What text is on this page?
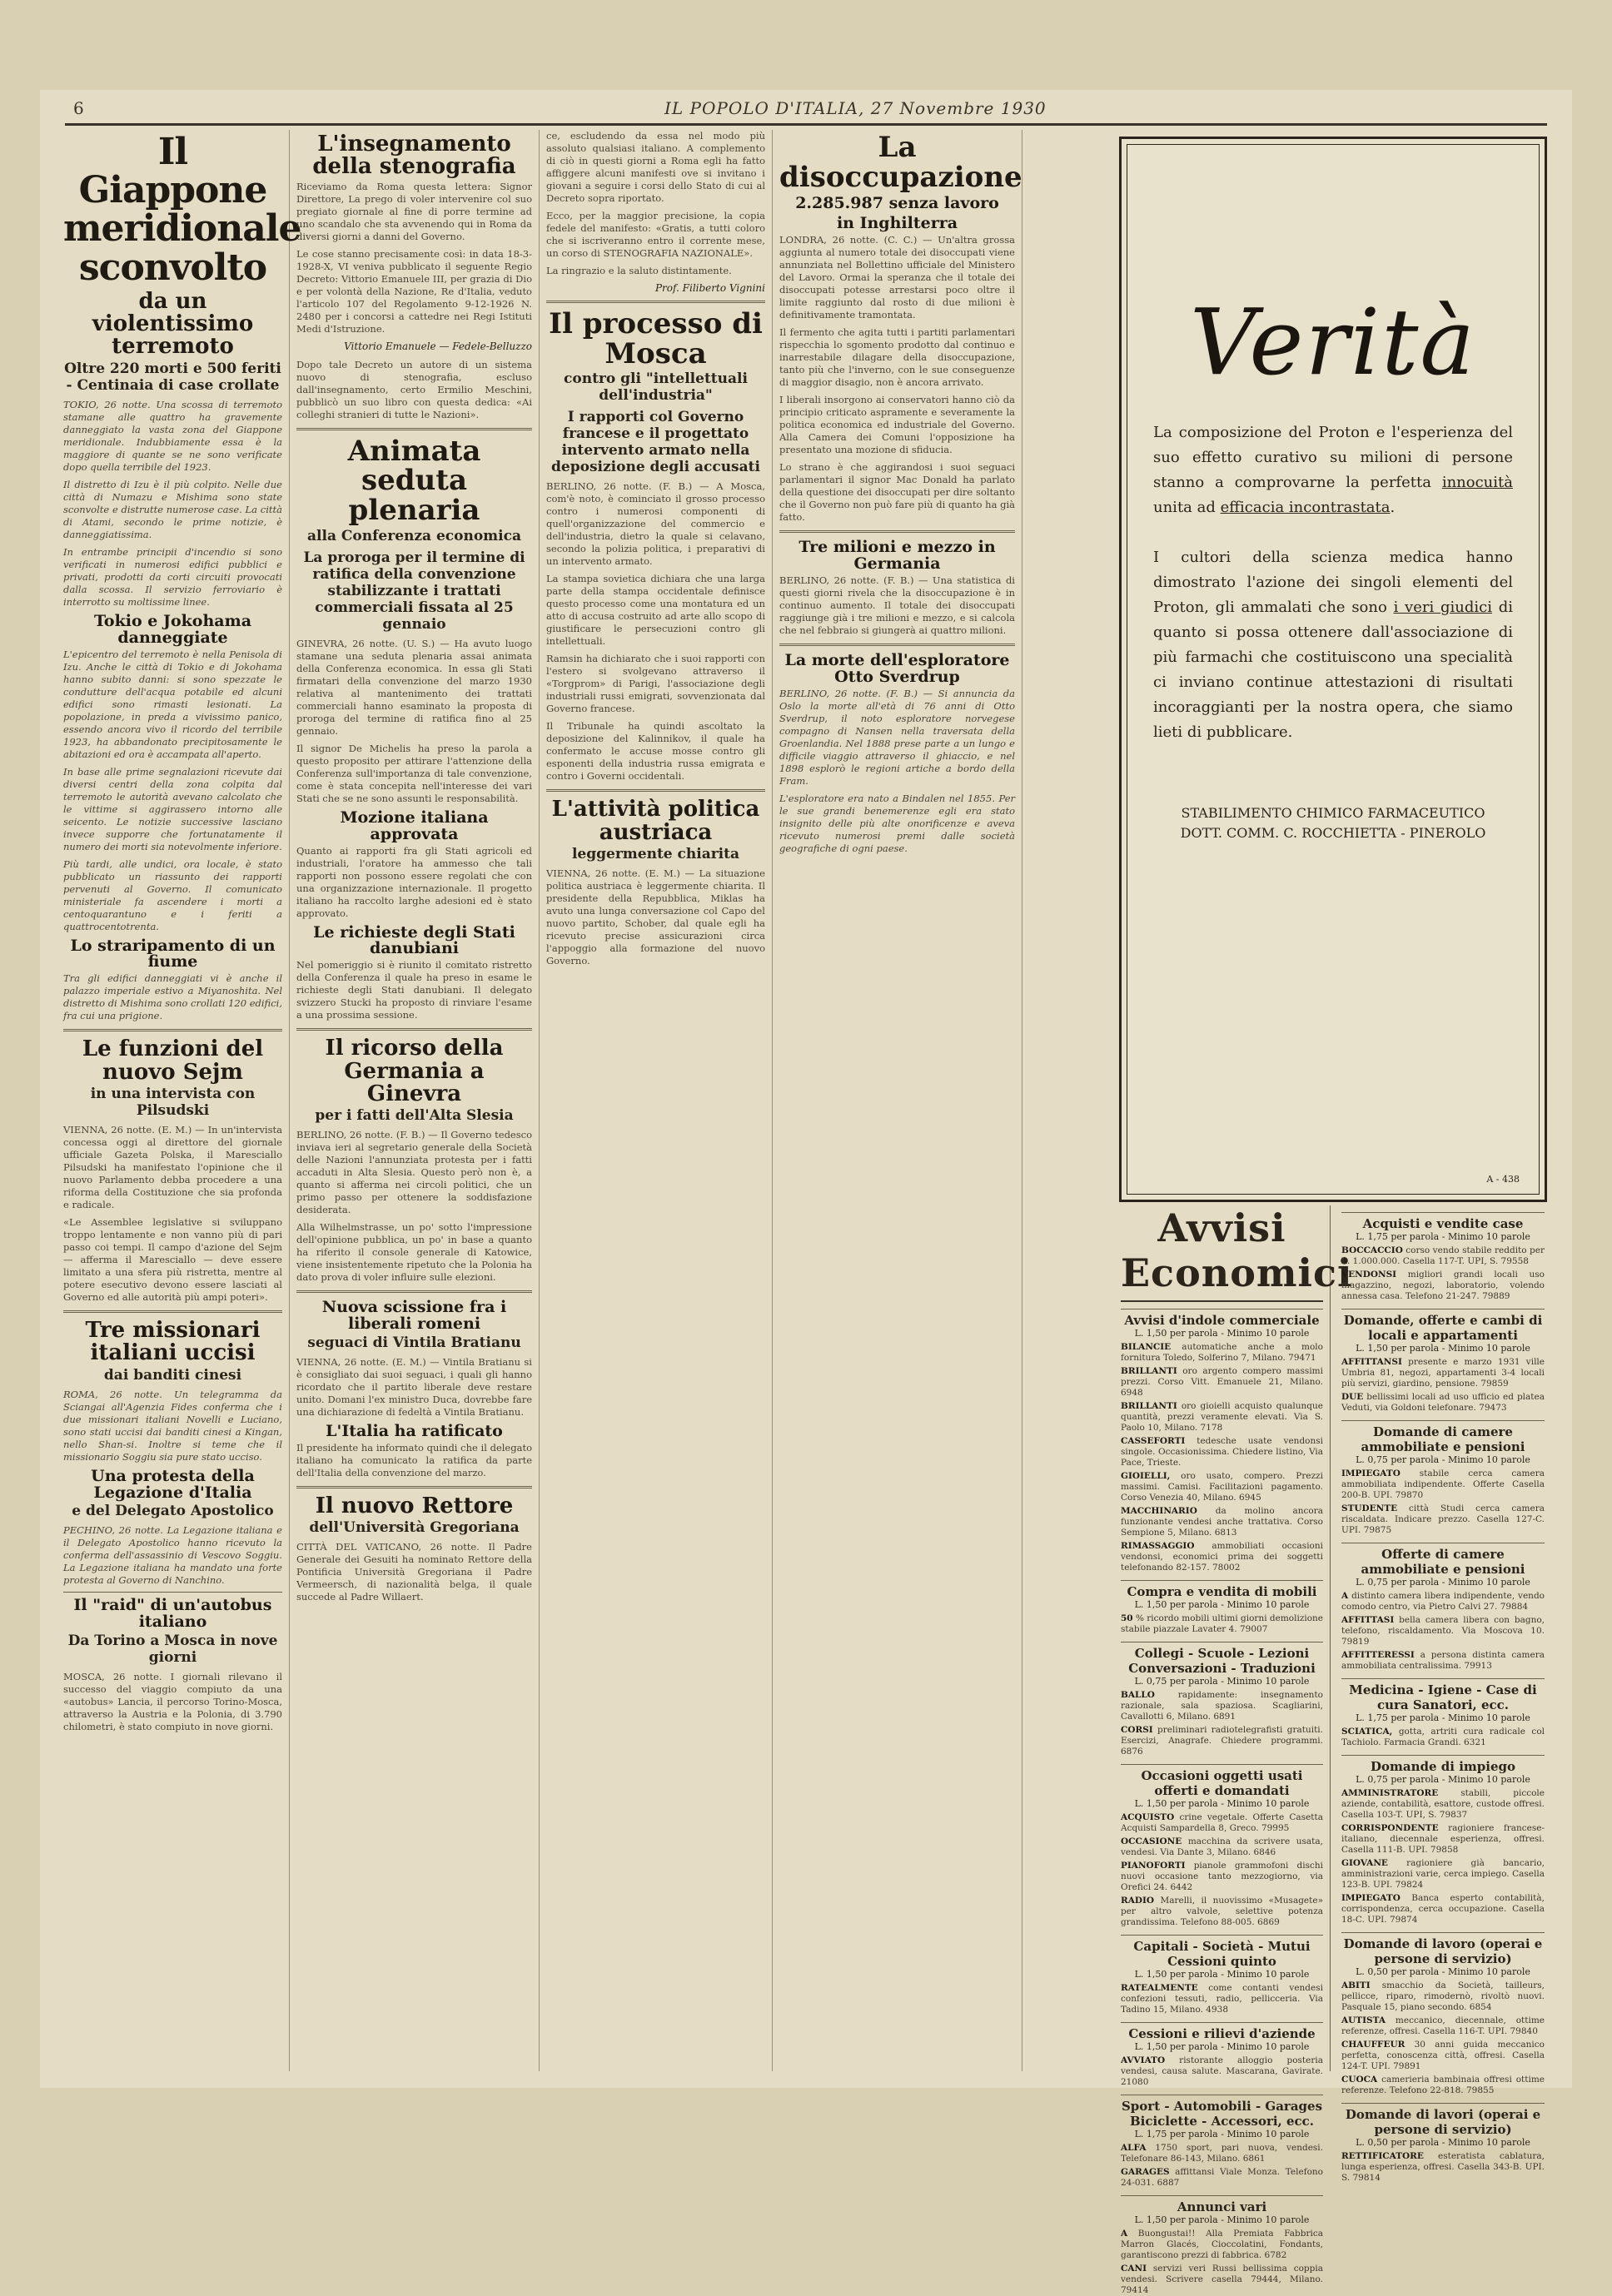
6	IL POPOLO D'ITALIA, 27 Novembre 1930
Il Giappone meridionale sconvolto
da un violentissimo terremoto
Oltre 220 morti e 500 feriti - Centinaia di case crollate

TOKIO, 26 notte. Una scossa di terremoto stamane alle quattro ha gravemente danneggiato la vasta zona del Giappone meridionale. Indubbiamente essa è la maggiore di quante se ne sono verificate dopo quella terribile del 1923.

Il distretto di Izu è il più colpito. Nelle due città di Numazu e Mishima sono state sconvolte e distrutte numerose case. La città di Atami, secondo le prime notizie, è danneggiatissima.

In entrambe principii d'incendio si sono verificati in numerosi edifici pubblici e privati, prodotti da corti circuiti provocati dalla scossa. Il servizio ferroviario è interrotto su moltissime linee.

Tokio e Jokohama danneggiate

L'epicentro del terremoto è nella Penisola di Izu. Anche le città di Tokio e di Jokohama hanno subito danni: si sono spezzate le condutture dell'acqua potabile ed alcuni edifici sono rimasti lesionati. La popolazione, in preda a vivissimo panico, essendo ancora vivo il ricordo del terribile 1923, ha abbandonato precipitosamente le abitazioni ed ora è accampata all'aperto.

In base alle prime segnalazioni ricevute dai diversi centri della zona colpita dal terremoto le autorità avevano calcolato che le vittime si aggirassero intorno alle seicento. Le notizie successive lasciano invece supporre che fortunatamente il numero dei morti sia notevolmente inferiore.

Più tardi, alle undici, ora locale, è stato pubblicato un riassunto dei rapporti pervenuti al Governo. Il comunicato ministeriale fa ascendere i morti a centoquarantuno e i feriti a quattrocentotrenta.

Lo straripamento di un fiume

Tra gli edifici danneggiati vi è anche il palazzo imperiale estivo a Miyanoshita. Nel distretto di Mishima sono crollati 120 edifici, fra cui una prigione.

Le funzioni del nuovo Sejm
in una intervista con Pilsudski

VIENNA, 26 notte. (E. M.) — In un'intervista concessa oggi al direttore del giornale ufficiale Gazeta Polska, il Maresciallo Pilsudski ha manifestato l'opinione che il nuovo Parlamento debba procedere a una riforma della Costituzione che sia profonda e radicale.

«Le Assemblee legislative si sviluppano troppo lentamente e non vanno più di pari passo coi tempi. Il campo d'azione del Sejm — afferma il Maresciallo — deve essere limitato a una sfera più ristretta, mentre al potere esecutivo devono essere lasciati al Governo ed alle autorità più ampi poteri».

Tre missionari italiani uccisi
dai banditi cinesi

ROMA, 26 notte. Un telegramma da Sciangai all'Agenzia Fides conferma che i due missionari italiani Novelli e Luciano, sono stati uccisi dai banditi cinesi a Kingan, nello Shan-si. Inoltre si teme che il missionario Soggiu sia pure stato ucciso.

Una protesta della Legazione d'Italia
e del Delegato Apostolico

PECHINO, 26 notte. La Legazione italiana e il Delegato Apostolico hanno ricevuto la conferma dell'assassinio di Vescovo Soggiu. La Legazione italiana ha mandato una forte protesta al Governo di Nanchino.

Il "raid" di un'autobus italiano
Da Torino a Mosca in nove giorni

MOSCA, 26 notte. I giornali rilevano il successo del viaggio compiuto da una «autobus» Lancia, il percorso Torino-Mosca, attraverso la Austria e la Polonia, di 3.790 chilometri, è stato compiuto in nove giorni.

L'insegnamento della stenografia

Riceviamo da Roma questa lettera: Signor Direttore, La prego di voler intervenire col suo pregiato giornale al fine di porre termine ad uno scandalo che sta avvenendo qui in Roma da diversi giorni a danni del Governo.

Le cose stanno precisamente così: in data 18-3-1928-X, VI veniva pubblicato il seguente Regio Decreto: Vittorio Emanuele III, per grazia di Dio e per volontà della Nazione, Re d'Italia, veduto l'articolo 107 del Regolamento 9-12-1926 N. 2480 per i concorsi a cattedre nei Regi Istituti Medi d'Istruzione.

Vittorio Emanuele — Fedele-Belluzzo

Dopo tale Decreto un autore di un sistema nuovo di stenografia, escluso dall'insegnamento, certo Ermilio Meschini, pubblicò un suo libro con questa dedica: «Ai colleghi stranieri di tutte le Nazioni».

Animata seduta plenaria
alla Conferenza economica
La proroga per il termine di ratifica della convenzione stabilizzante i trattati commerciali fissata al 25 gennaio

GINEVRA, 26 notte. (U. S.) — Ha avuto luogo stamane una seduta plenaria assai animata della Conferenza economica. In essa gli Stati firmatari della convenzione del marzo 1930 relativa al mantenimento dei trattati commerciali hanno esaminato la proposta di proroga del termine di ratifica fino al 25 gennaio.

Il signor De Michelis ha preso la parola a questo proposito per attirare l'attenzione della Conferenza sull'importanza di tale convenzione, come è stata concepita nell'interesse dei vari Stati che se ne sono assunti le responsabilità.

Mozione italiana approvata

Quanto ai rapporti fra gli Stati agricoli ed industriali, l'oratore ha ammesso che tali rapporti non possono essere regolati che con una organizzazione internazionale. Il progetto italiano ha raccolto larghe adesioni ed è stato approvato.

Le richieste degli Stati danubiani

Nel pomeriggio si è riunito il comitato ristretto della Conferenza il quale ha preso in esame le richieste degli Stati danubiani. Il delegato svizzero Stucki ha proposto di rinviare l'esame a una prossima sessione.

Il ricorso della Germania a Ginevra
per i fatti dell'Alta Slesia

BERLINO, 26 notte. (F. B.) — Il Governo tedesco inviava ieri al segretario generale della Società delle Nazioni l'annunziata protesta per i fatti accaduti in Alta Slesia. Questo però non è, a quanto si afferma nei circoli politici, che un primo passo per ottenere la soddisfazione desiderata.

Alla Wilhelmstrasse, un po' sotto l'impressione dell'opinione pubblica, un po' in base a quanto ha riferito il console generale di Katowice, viene insistentemente ripetuto che la Polonia ha dato prova di voler influire sulle elezioni.

Nuova scissione fra i liberali romeni
seguaci di Vintila Bratianu

VIENNA, 26 notte. (E. M.) — Vintila Bratianu si è consigliato dai suoi seguaci, i quali gli hanno ricordato che il partito liberale deve restare unito. Domani l'ex ministro Duca, dovrebbe fare una dichiarazione di fedeltà a Vintila Bratianu.

L'Italia ha ratificato

Il presidente ha informato quindi che il delegato italiano ha comunicato la ratifica da parte dell'Italia della convenzione del marzo.

Il nuovo Rettore
dell'Università Gregoriana

CITTÀ DEL VATICANO, 26 notte. Il Padre Generale dei Gesuiti ha nominato Rettore della Pontificia Università Gregoriana il Padre Vermeersch, di nazionalità belga, il quale succede al Padre Willaert.

ce, escludendo da essa nel modo più assoluto qualsiasi italiano. A complemento di ciò in questi giorni a Roma egli ha fatto affiggere alcuni manifesti ove si invitano i giovani a seguire i corsi dello Stato di cui al Decreto sopra riportato.

Ecco, per la maggior precisione, la copia fedele del manifesto: «Gratis, a tutti coloro che si iscriveranno entro il corrente mese, un corso di STENOGRAFIA NAZIONALE».

La ringrazio e la saluto distintamente.

Prof. Filiberto Vignini
Il processo di Mosca
contro gli "intellettuali dell'industria"
I rapporti col Governo francese e il progettato intervento armato nella deposizione degli accusati

BERLINO, 26 notte. (F. B.) — A Mosca, com'è noto, è cominciato il grosso processo contro i numerosi componenti di quell'organizzazione del commercio e dell'industria, dietro la quale si celavano, secondo la polizia politica, i preparativi di un intervento armato.

La stampa sovietica dichiara che una larga parte della stampa occidentale definisce questo processo come una montatura ed un atto di accusa costruito ad arte allo scopo di giustificare le persecuzioni contro gli intellettuali.

Ramsin ha dichiarato che i suoi rapporti con l'estero si svolgevano attraverso il «Torgprom» di Parigi, l'associazione degli industriali russi emigrati, sovvenzionata dal Governo francese.

Il Tribunale ha quindi ascoltato la deposizione del Kalinnikov, il quale ha confermato le accuse mosse contro gli esponenti della industria russa emigrata e contro i Governi occidentali.

L'attività politica austriaca
leggermente chiarita

VIENNA, 26 notte. (E. M.) — La situazione politica austriaca è leggermente chiarita. Il presidente della Repubblica, Miklas ha avuto una lunga conversazione col Capo del nuovo partito, Schober, dal quale egli ha ricevuto precise assicurazioni circa l'appoggio alla formazione del nuovo Governo.

La disoccupazione
2.285.987 senza lavoro
in Inghilterra

LONDRA, 26 notte. (C. C.) — Un'altra grossa aggiunta al numero totale dei disoccupati viene annunziata nel Bollettino ufficiale del Ministero del Lavoro. Ormai la speranza che il totale dei disoccupati potesse arrestarsi poco oltre il limite raggiunto dal rosto di due milioni è definitivamente tramontata.

Il fermento che agita tutti i partiti parlamentari rispecchia lo sgomento prodotto dal continuo e inarrestabile dilagare della disoccupazione, tanto più che l'inverno, con le sue conseguenze di maggior disagio, non è ancora arrivato.

I liberali insorgono ai conservatori hanno ciò da principio criticato aspramente e severamente la politica economica ed industriale del Governo. Alla Camera dei Comuni l'opposizione ha presentato una mozione di sfiducia.

Lo strano è che aggirandosi i suoi seguaci parlamentari il signor Mac Donald ha parlato della questione dei disoccupati per dire soltanto che il Governo non può fare più di quanto ha già fatto.

Tre milioni e mezzo in Germania

BERLINO, 26 notte. (F. B.) — Una statistica di questi giorni rivela che la disoccupazione è in continuo aumento. Il totale dei disoccupati raggiunge già i tre milioni e mezzo, e si calcola che nel febbraio si giungerà ai quattro milioni.

La morte dell'esploratore Otto Sverdrup

BERLINO, 26 notte. (F. B.) — Si annuncia da Oslo la morte all'età di 76 anni di Otto Sverdrup, il noto esploratore norvegese compagno di Nansen nella traversata della Groenlandia. Nel 1888 prese parte a un lungo e difficile viaggio attraverso il ghiaccio, e nel 1898 esplorò le regioni artiche a bordo della Fram.

L'esploratore era nato a Bindalen nel 1855. Per le sue grandi benemerenze egli era stato insignito delle più alte onorificenze e aveva ricevuto numerosi premi dalle società geografiche di ogni paese.

Verità

La composizione del Proton e l'esperienza del suo effetto curativo su milioni di persone stanno a comprovarne la perfetta innocuità unita ad efficacia incontrastata.

I cultori della scienza medica hanno dimostrato l'azione dei singoli elementi del Proton, gli ammalati che sono i veri giudici di quanto si possa ottenere dall'associazione di più farmachi che costituiscono una specialità ci inviano continue attestazioni di risultati incoraggianti per la nostra opera, che siamo lieti di pubblicare.

STABILIMENTO CHIMICO FARMACEUTICO
DOTT. COMM. C. ROCCHIETTA - PINEROLO
A - 438
Avvisi Economici
Avvisi d'indole commerciale
L. 1,50 per parola - Minimo 10 parole

BILANCIE automatiche anche a molo fornitura Toledo, Solferino 7, Milano. 79471

BRILLANTI oro argento compero massimi prezzi. Corso Vitt. Emanuele 21, Milano. 6948

BRILLANTI oro gioielli acquisto qualunque quantità, prezzi veramente elevati. Via S. Paolo 10, Milano. 7178

CASSEFORTI tedesche usate vendonsi singole. Occasionissima. Chiedere listino, Via Pace, Trieste.

GIOIELLI, oro usato, compero. Prezzi massimi. Camisi. Facilitazioni pagamento. Corso Venezia 40, Milano. 6945

MACCHINARIO da molino ancora funzionante vendesi anche trattativa. Corso Sempione 5, Milano. 6813

RIMASSAGGIO ammobiliati occasioni vendonsi, economici prima dei soggetti telefonando 82-157. 78002

Compra e vendita di mobili
L. 1,50 per parola - Minimo 10 parole

50 % ricordo mobili ultimi giorni demolizione stabile piazzale Lavater 4. 79007

Collegi - Scuole - Lezioni Conversazioni - Traduzioni
L. 0,75 per parola - Minimo 10 parole

BALLO rapidamente: insegnamento razionale, sala spaziosa. Scagliarini, Cavallotti 6, Milano. 6891

CORSI preliminari radiotelegrafisti gratuiti. Esercizi, Anagrafe. Chiedere programmi. 6876

Occasioni oggetti usati offerti e domandati
L. 1,50 per parola - Minimo 10 parole

ACQUISTO crine vegetale. Offerte Casetta Acquisti Sampardella 8, Greco. 79995

OCCASIONE macchina da scrivere usata, vendesi. Via Dante 3, Milano. 6846

PIANOFORTI pianole grammofoni dischi nuovi occasione tanto mezzogiorno, via Orefici 24. 6442

RADIO Marelli, il nuovissimo «Musagete» per altro valvole, selettive potenza grandissima. Telefono 88-005. 6869

Capitali - Società - Mutui Cessioni quinto
L. 1,50 per parola - Minimo 10 parole

RATEALMENTE come contanti vendesi confezioni tessuti, radio, pellicceria. Via Tadino 15, Milano. 4938

Cessioni e rilievi d'aziende
L. 1,50 per parola - Minimo 10 parole

AVVIATO ristorante alloggio posteria vendesi, causa salute. Mascarana, Gavirate. 21080

Sport - Automobili - Garages Biciclette - Accessori, ecc.
L. 1,75 per parola - Minimo 10 parole

ALFA 1750 sport, pari nuova, vendesi. Telefonare 86-143, Milano. 6861

GARAGES affittansi Viale Monza. Telefono 24-031. 6887

Annunci vari
L. 1,50 per parola - Minimo 10 parole

A Buongustai!! Alla Premiata Fabbrica Marron Glacés, Cioccolatini, Fondants, garantiscono prezzi di fabbrica. 6782

CANI servizi veri Russi bellissima coppia vendesi. Scrivere casella 79444, Milano. 79414

Acquisti e vendite case
L. 1,75 per parola - Minimo 10 parole

BOCCACCIO corso vendo stabile reddito per L. 1.000.000. Casella 117-T. UPI, S. 79558

VENDONSI migliori grandi locali uso magazzino, negozi, laboratorio, volendo annessa casa. Telefono 21-247. 79889

Domande, offerte e cambi di locali e appartamenti
L. 1,50 per parola - Minimo 10 parole

AFFITTANSI presente e marzo 1931 ville Umbria 81, negozi, appartamenti 3-4 locali più servizi, giardino, pensione. 79859

DUE bellissimi locali ad uso ufficio ed platea Veduti, via Goldoni telefonare. 79473

Domande di camere ammobiliate e pensioni
L. 0,75 per parola - Minimo 10 parole

IMPIEGATO stabile cerca camera ammobiliata indipendente. Offerte Casella 200-B. UPI. 79870

STUDENTE città Studi cerca camera riscaldata. Indicare prezzo. Casella 127-C. UPI. 79875

Offerte di camere ammobiliate e pensioni
L. 0,75 per parola - Minimo 10 parole

A distinto camera libera indipendente, vendo comodo centro, via Pietro Calvi 27. 79884

AFFITTASI bella camera libera con bagno, telefono, riscaldamento. Via Moscova 10. 79819

AFFITTERESSI a persona distinta camera ammobiliata centralissima. 79913

Medicina - Igiene - Case di cura Sanatori, ecc.
L. 1,75 per parola - Minimo 10 parole

SCIATICA, gotta, artriti cura radicale col Tachiolo. Farmacia Grandi. 6321

Domande di impiego
L. 0,75 per parola - Minimo 10 parole

AMMINISTRATORE stabili, piccole aziende, contabilità, esattore, custode offresi. Casella 103-T. UPI, S. 79837

CORRISPONDENTE ragioniere francese-italiano, diecennale esperienza, offresi. Casella 111-B. UPI. 79858

GIOVANE ragioniere già bancario, amministrazioni varie, cerca impiego. Casella 123-B. UPI. 79824

IMPIEGATO Banca esperto contabilità, corrispondenza, cerca occupazione. Casella 18-C. UPI. 79874

Domande di lavoro (operai e persone di servizio)
L. 0,50 per parola - Minimo 10 parole

ABITI smacchio da Società, tailleurs, pellicce, riparo, rimodernò, rivoltò nuovi. Pasquale 15, piano secondo. 6854

AUTISTA meccanico, diecennale, ottime referenze, offresi. Casella 116-T. UPI. 79840

CHAUFFEUR 30 anni guida meccanico perfetta, conoscenza città, offresi. Casella 124-T. UPI. 79891

CUOCA camerieria bambinaia offresi ottime referenze. Telefono 22-818. 79855

Domande di lavori (operai e persone di servizio)
L. 0,50 per parola - Minimo 10 parole

RETTIFICATORE esteratista cablatura, lunga esperienza, offresi. Casella 343-B. UPI. S. 79814
